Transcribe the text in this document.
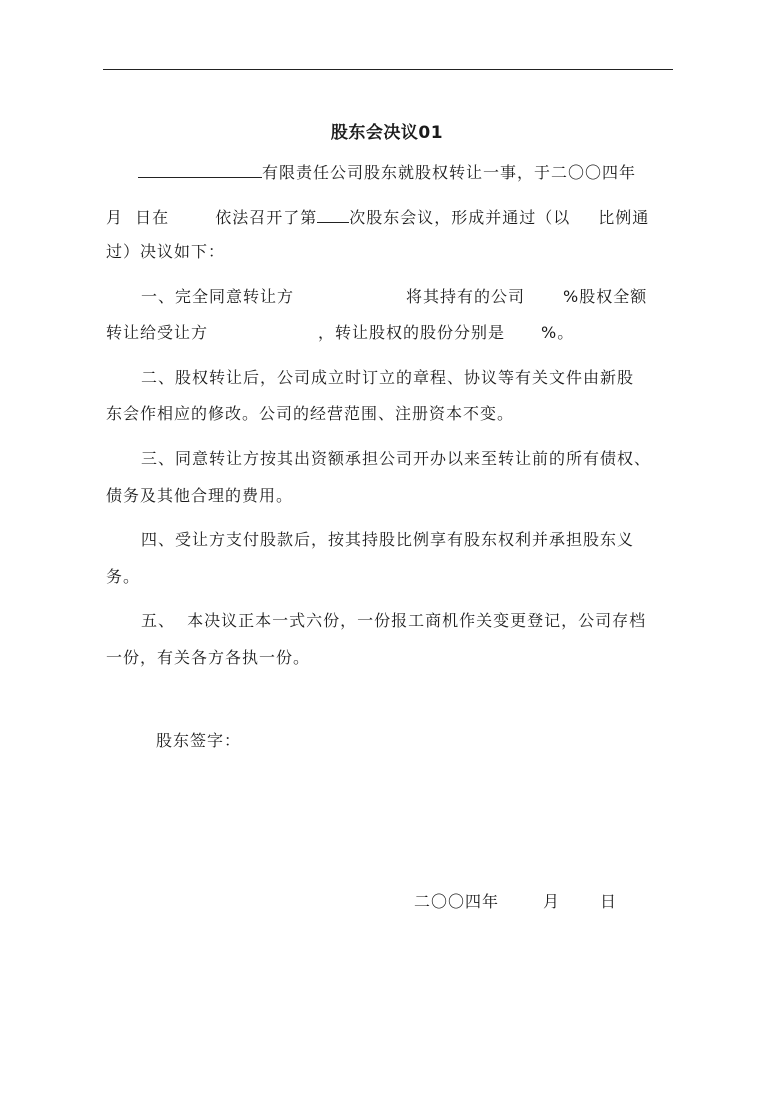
股东会决议01
有限责任公司股东就股权转让一事，于二〇〇四年
月  日在	依法召开了第 次股东会议，形成并通过（以 比例通
过）决议如下：
一、完全同意转让方	将其持有的公司 %股权全额
转让给受让方	，转让股权的股份分别是 %。
二、股权转让后，公司成立时订立的章程、协议等有关文件由新股
东会作相应的修改。公司的经营范围、注册资本不变。
三、同意转让方按其出资额承担公司开办以来至转让前的所有债权、
债务及其他合理的费用。
四、受让方支付股款后，按其持股比例享有股东权利并承担股东义
务。
五、  本决议正本一式六份，一份报工商机作关变更登记，公司存档
一份，有关各方各执一份。
股东签字：
二〇〇四年	月	日
